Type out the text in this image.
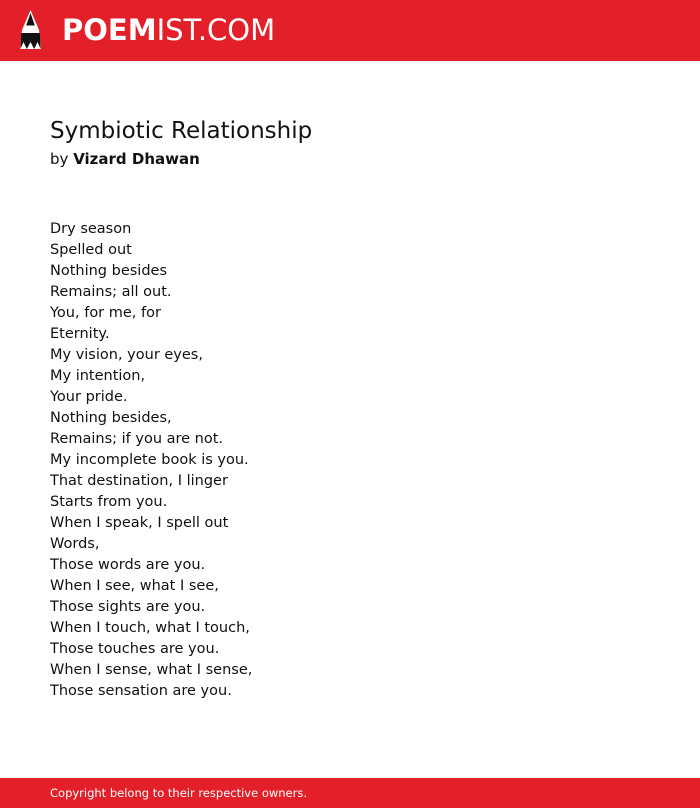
POEMIST.COM
Symbiotic Relationship
by Vizard Dhawan
Dry season
Spelled out
Nothing besides
Remains; all out.
You, for me, for
Eternity.
My vision, your eyes,
My intention,
Your pride.
Nothing besides,
Remains; if you are not.
My incomplete book is you.
That destination, I linger
Starts from you.
When I speak, I spell out
Words,
Those words are you.
When I see, what I see,
Those sights are you.
When I touch, what I touch,
Those touches are you.
When I sense, what I sense,
Those sensation are you.
Copyright belong to their respective owners.
